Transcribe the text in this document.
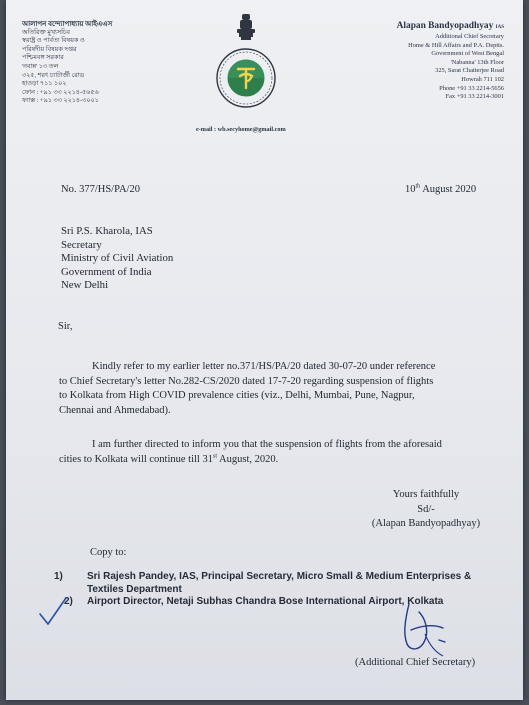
আলাপন বন্দ্যোপাধ্যায় আইএএস
অতিরিক্ত মুখ্যসচিব
স্বরাষ্ট্র ও পার্বত্য বিষয়ক ও
পরিষদীয় বিষয়ক দপ্তর
পশ্চিমবঙ্গ সরকার
'নবান্ন' ১৩ তল
৩২৫, শরৎ চ্যাটার্জী রোড
হাওড়া ৭১১ ১০২
ফোন : +৯১ ৩৩ ২২১৪-৫৬৫৬
ফ্যাক্স : +৯১ ৩৩ ২২১৪-৩০০১
e-mail : wb.secyhome@gmail.com
Alapan Bandyopadhyay IAS
Additional Chief Secretary
Home & Hill Affairs and P.A. Deptts.
Government of West Bengal
'Nabanna' 13th Floor
325, Sarat Chatterjee Road
Howrah 711 102
Phone +91 33 2214-5656
Fax +91 33 2214-3001
No. 377/HS/PA/20	10th August 2020
Sri P.S. Kharola, IAS
Secretary
Ministry of Civil Aviation
Government of India
New Delhi
Sir,
Kindly refer to my earlier letter no.371/HS/PA/20 dated 30-07-20 under reference
to Chief Secretary's letter No.282-CS/2020 dated 17-7-20 regarding suspension of flights
to Kolkata from High COVID prevalence cities (viz., Delhi, Mumbai, Pune, Nagpur,
Chennai and Ahmedabad).
I am further directed to inform you that the suspension of flights from the aforesaid
cities to Kolkata will continue till 31st August, 2020.
Yours faithfully
Sd/-
(Alapan Bandyopadhyay)
Copy to:
1)	Sri Rajesh Pandey, IAS, Principal Secretary, Micro Small & Medium Enterprises &
Textiles Department
2)	Airport Director, Netaji Subhas Chandra Bose International Airport, Kolkata
(Additional Chief Secretary)
